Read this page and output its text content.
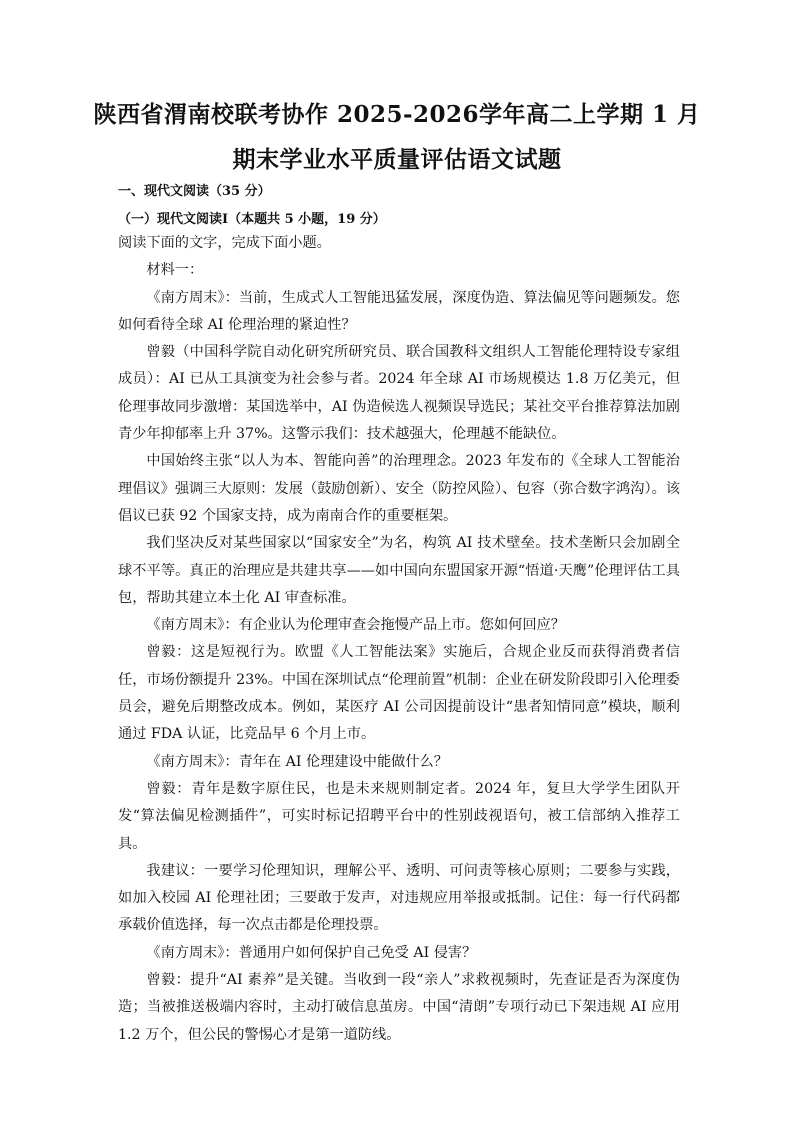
陕西省渭南校联考协作 2025-2026学年高二上学期 1 月
期末学业水平质量评估语文试题
一、现代文阅读（35 分）
（一）现代文阅读Ⅰ（本题共 5 小题，19 分）

阅读下面的文字，完成下面小题。

材料一：

《南方周末》：当前，生成式人工智能迅猛发展，深度伪造、算法偏见等问题频发。您如何看待全球 AI 伦理治理的紧迫性？

曾毅（中国科学院自动化研究所研究员、联合国教科文组织人工智能伦理特设专家组成员）：AI 已从工具演变为社会参与者。2024 年全球 AI 市场规模达 1.8 万亿美元，但伦理事故同步激增：某国选举中，AI 伪造候选人视频误导选民；某社交平台推荐算法加剧青少年抑郁率上升 37%。这警示我们：技术越强大，伦理越不能缺位。

中国始终主张“以人为本、智能向善”的治理理念。2023 年发布的《全球人工智能治理倡议》强调三大原则：发展（鼓励创新）、安全（防控风险）、包容（弥合数字鸿沟）。该倡议已获 92 个国家支持，成为南南合作的重要框架。

我们坚决反对某些国家以“国家安全”为名，构筑 AI 技术壁垒。技术垄断只会加剧全球不平等。真正的治理应是共建共享——如中国向东盟国家开源“悟道·天鹰”伦理评估工具包，帮助其建立本土化 AI 审查标准。

《南方周末》：有企业认为伦理审查会拖慢产品上市。您如何回应？

曾毅：这是短视行为。欧盟《人工智能法案》实施后，合规企业反而获得消费者信任，市场份额提升 23%。中国在深圳试点“伦理前置”机制：企业在研发阶段即引入伦理委员会，避免后期整改成本。例如，某医疗 AI 公司因提前设计“患者知情同意”模块，顺利通过 FDA 认证，比竞品早 6 个月上市。

《南方周末》：青年在 AI 伦理建设中能做什么？

曾毅：青年是数字原住民，也是未来规则制定者。2024 年，复旦大学学生团队开发“算法偏见检测插件”，可实时标记招聘平台中的性别歧视语句，被工信部纳入推荐工具。

我建议：一要学习伦理知识，理解公平、透明、可问责等核心原则；二要参与实践，如加入校园 AI 伦理社团；三要敢于发声，对违规应用举报或抵制。记住：每一行代码都承载价值选择，每一次点击都是伦理投票。

《南方周末》：普通用户如何保护自己免受 AI 侵害？

曾毅：提升“AI 素养”是关键。当收到一段“亲人”求救视频时，先查证是否为深度伪造；当被推送极端内容时，主动打破信息茧房。中国“清朗”专项行动已下架违规 AI 应用 1.2 万个，但公民的警惕心才是第一道防线。
